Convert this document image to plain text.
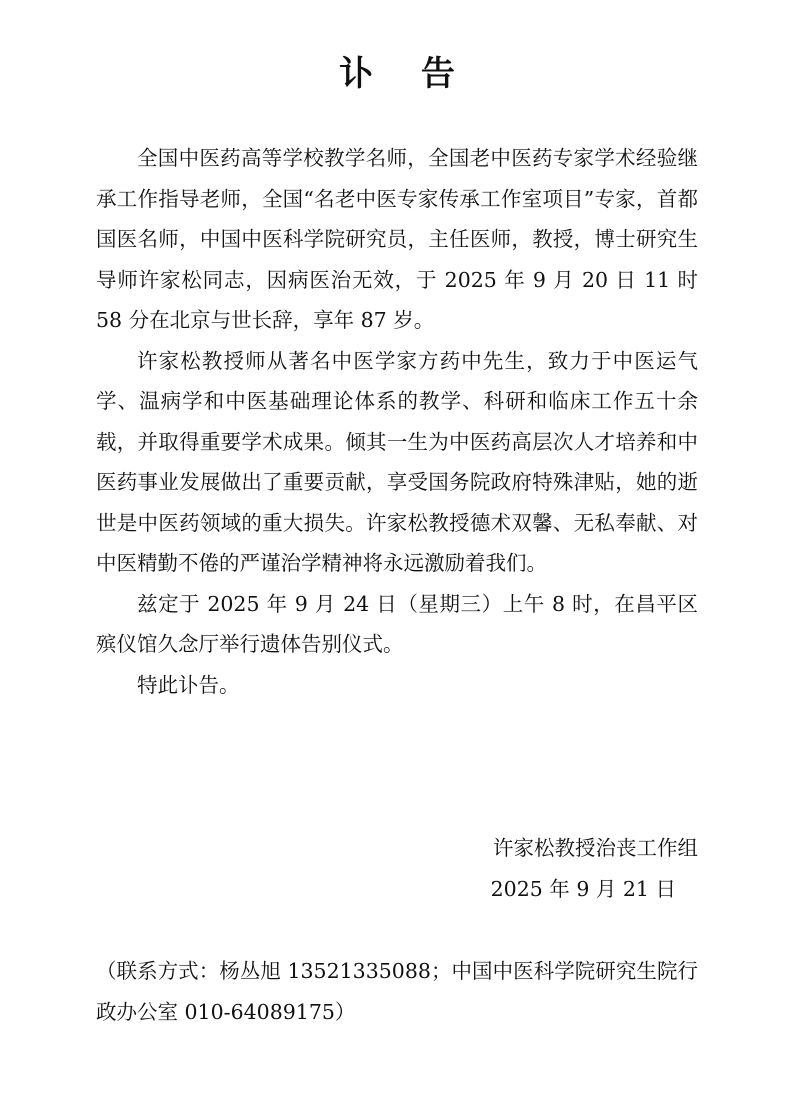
讣 告

全国中医药高等学校教学名师，全国老中医药专家学术经验继承工作指导老师，全国“名老中医专家传承工作室项目”专家，首都国医名师，中国中医科学院研究员，主任医师，教授，博士研究生导师许家松同志，因病医治无效，于 2025 年 9 月 20 日 11 时 58 分在北京与世长辞，享年 87 岁。

许家松教授师从著名中医学家方药中先生，致力于中医运气学、温病学和中医基础理论体系的教学、科研和临床工作五十余载，并取得重要学术成果。倾其一生为中医药高层次人才培养和中医药事业发展做出了重要贡献，享受国务院政府特殊津贴，她的逝世是中医药领域的重大损失。许家松教授德术双馨、无私奉献、对中医精勤不倦的严谨治学精神将永远激励着我们。

兹定于 2025 年 9 月 24 日（星期三）上午 8 时，在昌平区殡仪馆久念厅举行遗体告别仪式。

特此讣告。

许家松教授治丧工作组
2025 年 9 月 21 日
（联系方式：杨丛旭 13521335088；中国中医科学院研究生院行政办公室 010-64089175）
